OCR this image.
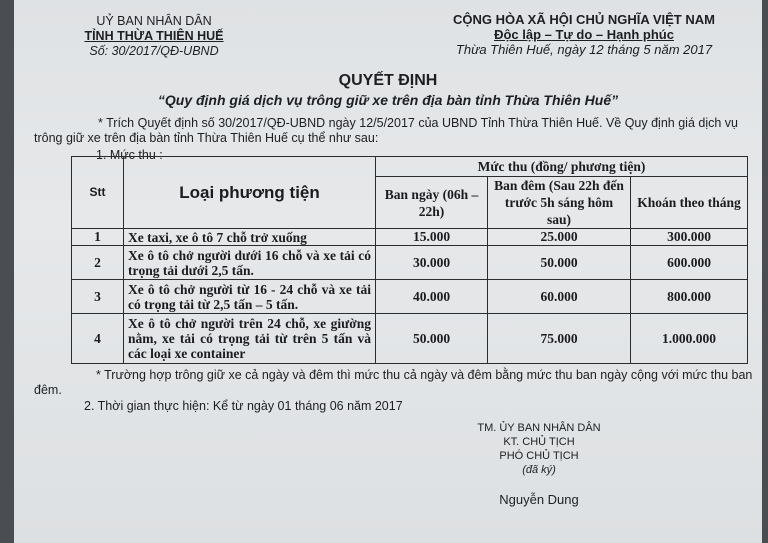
UỶ BAN NHÂN DÂN
TỈNH THỪA THIÊN HUẾ
Số: 30/2017/QĐ-UBND
CỘNG HÒA XÃ HỘI CHỦ NGHĨA VIỆT NAM
Độc lập – Tự do – Hạnh phúc
Thừa Thiên Huế, ngày 12 tháng 5 năm 2017
QUYẾT ĐỊNH
“Quy định giá dịch vụ trông giữ xe trên địa bàn tỉnh Thừa Thiên Huế”
* Trích Quyết định số 30/2017/QĐ-UBND ngày 12/5/2017 của UBND Tỉnh Thừa Thiên Huế. Về Quy định giá dịch vụ trông giữ xe trên địa bàn tỉnh Thừa Thiên Huế cụ thể như sau:
1. Mức thu :
Stt	Loại phương tiện	Mức thu (đồng/ phương tiện)		
		Ban ngày (06h – 22h)	Ban đêm (Sau 22h đến trước 5h sáng hôm sau)	Khoán theo tháng
1	Xe taxi, xe ô tô 7 chỗ trở xuống	15.000	25.000	300.000
2	Xe ô tô chở người dưới 16 chỗ và xe tải có trọng tải dưới 2,5 tấn.	30.000	50.000	600.000
3	Xe ô tô chở người từ 16 - 24 chỗ và xe tải có trọng tải từ 2,5 tấn – 5 tấn.	40.000	60.000	800.000
4	Xe ô tô chở người trên 24 chỗ, xe giường nằm, xe tải có trọng tải từ trên 5 tấn và các loại xe container	50.000	75.000	1.000.000
* Trường hợp trông giữ xe cả ngày và đêm thì mức thu cả ngày và đêm bằng mức thu ban ngày cộng với mức thu ban đêm.
2. Thời gian thực hiện: Kể từ ngày 01 tháng 06 năm 2017
TM. ỦY BAN NHÂN DÂN
KT. CHỦ TỊCH
PHÓ CHỦ TỊCH
(đã ký)
Nguyễn Dung
